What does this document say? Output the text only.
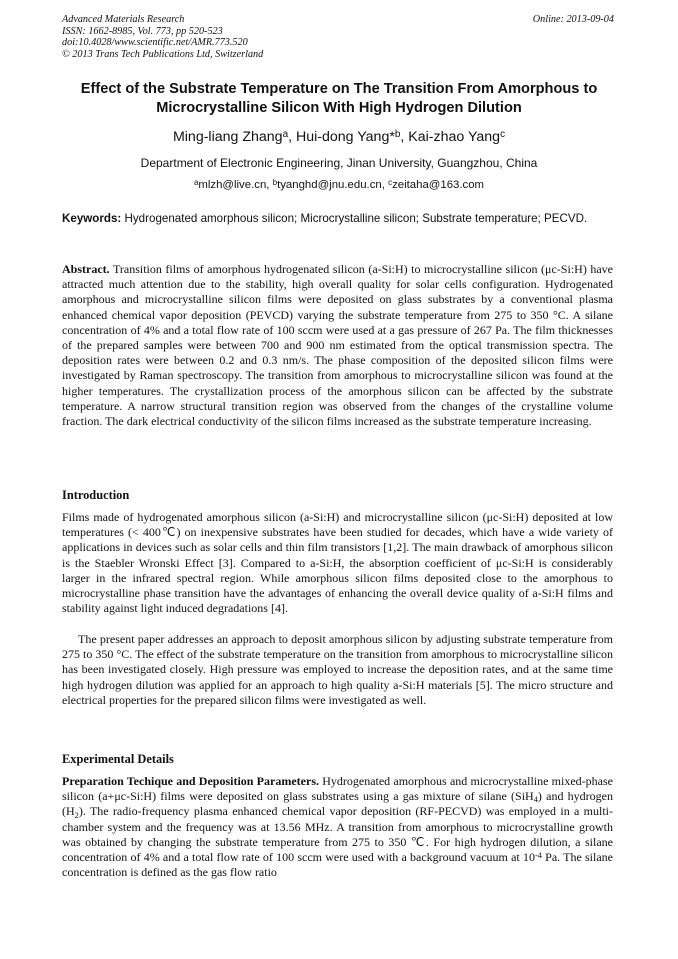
Advanced Materials Research
ISSN: 1662-8985, Vol. 773, pp 520-523
doi:10.4028/www.scientific.net/AMR.773.520
© 2013 Trans Tech Publications Ltd, Switzerland
Online: 2013-09-04
Effect of the Substrate Temperature on The Transition From Amorphous to Microcrystalline Silicon With High Hydrogen Dilution
Ming-liang Zhang$^a$, Hui-dong Yang*$^b$, Kai-zhao Yang$^c$
Department of Electronic Engineering, Jinan University, Guangzhou, China
$^a$mlzh@live.cn, $^b$tyanghd@jnu.edu.cn, $^c$zeitaha@163.com
Keywords: Hydrogenated amorphous silicon; Microcrystalline silicon; Substrate temperature; PECVD.
Abstract. Transition films of amorphous hydrogenated silicon (a-Si:H) to microcrystalline silicon (μc-Si:H) have attracted much attention due to the stability, high overall quality for solar cells configuration. Hydrogenated amorphous and microcrystalline silicon films were deposited on glass substrates by a conventional plasma enhanced chemical vapor deposition (PEVCD) varying the substrate temperature from 275 to 350 °C. A silane concentration of 4% and a total flow rate of 100 sccm were used at a gas pressure of 267 Pa. The film thicknesses of the prepared samples were between 700 and 900 nm estimated from the optical transmission spectra. The deposition rates were between 0.2 and 0.3 nm/s. The phase composition of the deposited silicon films were investigated by Raman spectroscopy. The transition from amorphous to microcrystalline silicon was found at the higher temperatures. The crystallization process of the amorphous silicon can be affected by the substrate temperature. A narrow structural transition region was observed from the changes of the crystalline volume fraction. The dark electrical conductivity of the silicon films increased as the substrate temperature increasing.
Introduction
Films made of hydrogenated amorphous silicon (a-Si:H) and microcrystalline silicon (μc-Si:H) deposited at low temperatures (< 400℃) on inexpensive substrates have been studied for decades, which have a wide variety of applications in devices such as solar cells and thin film transistors [1,2]. The main drawback of amorphous silicon is the Staebler Wronski Effect [3]. Compared to a-Si:H, the absorption coefficient of μc-Si:H is considerably larger in the infrared spectral region. While amorphous silicon films deposited close to the amorphous to microcrystalline phase transition have the advantages of enhancing the overall device quality of a-Si:H films and stability against light induced degradations [4].
The present paper addresses an approach to deposit amorphous silicon by adjusting substrate temperature from 275 to 350 °C. The effect of the substrate temperature on the transition from amorphous to microcrystalline silicon has been investigated closely. High pressure was employed to increase the deposition rates, and at the same time high hydrogen dilution was applied for an approach to high quality a-Si:H materials [5]. The micro structure and electrical properties for the prepared silicon films were investigated as well.
Experimental Details
Preparation Techique and Deposition Parameters. Hydrogenated amorphous and microcrystalline mixed-phase silicon (a+μc-Si:H) films were deposited on glass substrates using a gas mixture of silane (SiH$_4$) and hydrogen $(H_2)$. The radio-frequency plasma enhanced chemical vapor deposition (RF-PECVD) was employed in a multi-chamber system and the frequency was at 13.56 MHz. A transition from amorphous to microcrystalline growth was obtained by changing the substrate temperature from 275 to 350 ℃. For high hydrogen dilution, a silane concentration of 4% and a total flow rate of 100 sccm were used with a background vacuum at $10^{-4}$ Pa. The silane concentration is defined as the gas flow ratio
